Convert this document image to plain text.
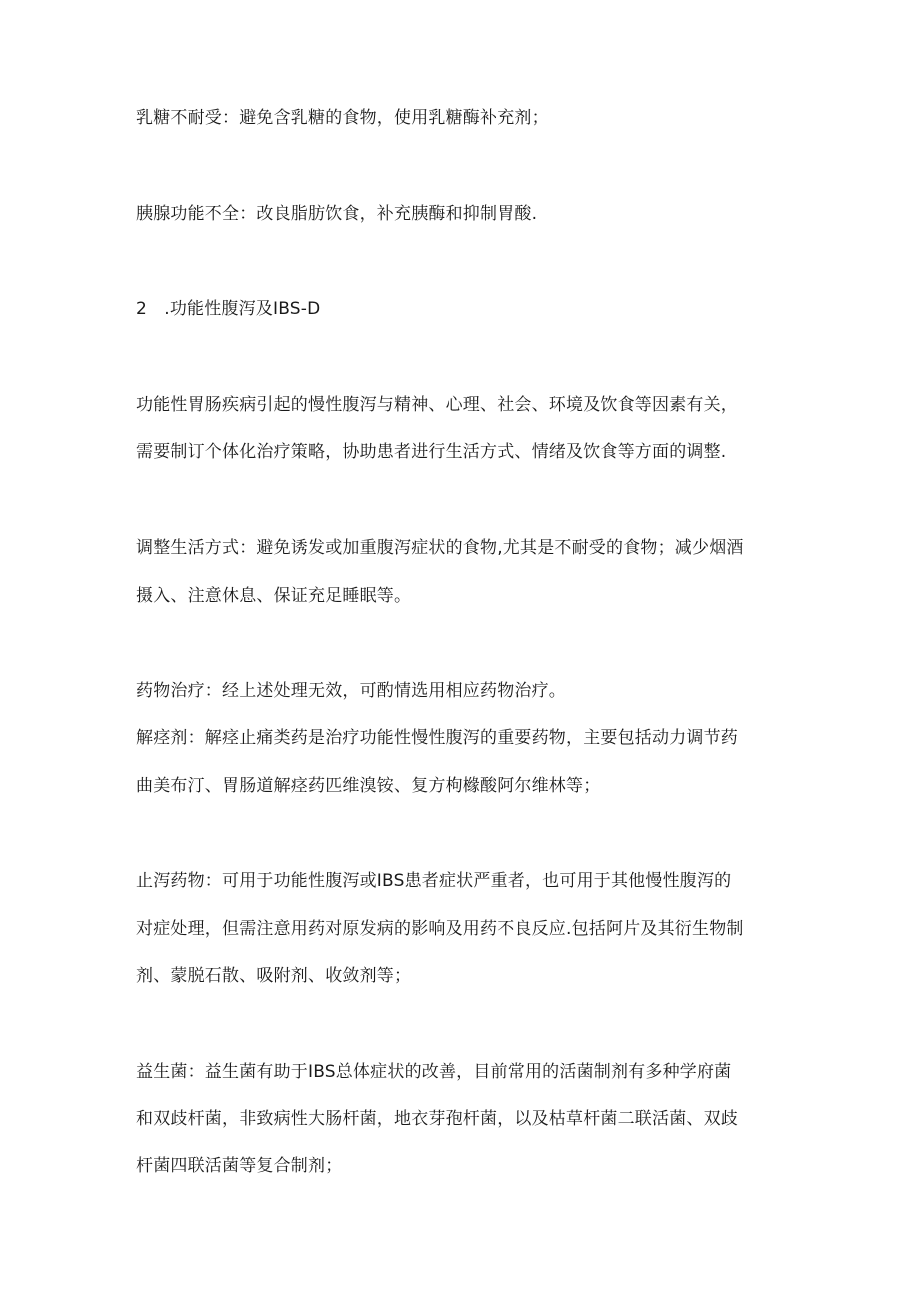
乳糖不耐受：避免含乳糖的食物，使用乳糖酶补充剂；
胰腺功能不全：改良脂肪饮食，补充胰酶和抑制胃酸.
2　.功能性腹泻及IBS-D
功能性胃肠疾病引起的慢性腹泻与精神、心理、社会、环境及饮食等因素有关，
需要制订个体化治疗策略，协助患者进行生活方式、情绪及饮食等方面的调整.
调整生活方式：避免诱发或加重腹泻症状的食物,尤其是不耐受的食物；减少烟酒
摄入、注意休息、保证充足睡眠等。
药物治疗：经上述处理无效，可酌情选用相应药物治疗。
解痉剂：解痉止痛类药是治疗功能性慢性腹泻的重要药物，主要包括动力调节药
曲美布汀、胃肠道解痉药匹维溴铵、复方枸橼酸阿尔维林等；
止泻药物：可用于功能性腹泻或IBS患者症状严重者，也可用于其他慢性腹泻的
对症处理，但需注意用药对原发病的影响及用药不良反应.包括阿片及其衍生物制
剂、蒙脱石散、吸附剂、收敛剂等；
益生菌：益生菌有助于IBS总体症状的改善，目前常用的活菌制剂有多种学府菌
和双歧杆菌，非致病性大肠杆菌，地衣芽孢杆菌，以及枯草杆菌二联活菌、双歧
杆菌四联活菌等复合制剂；
